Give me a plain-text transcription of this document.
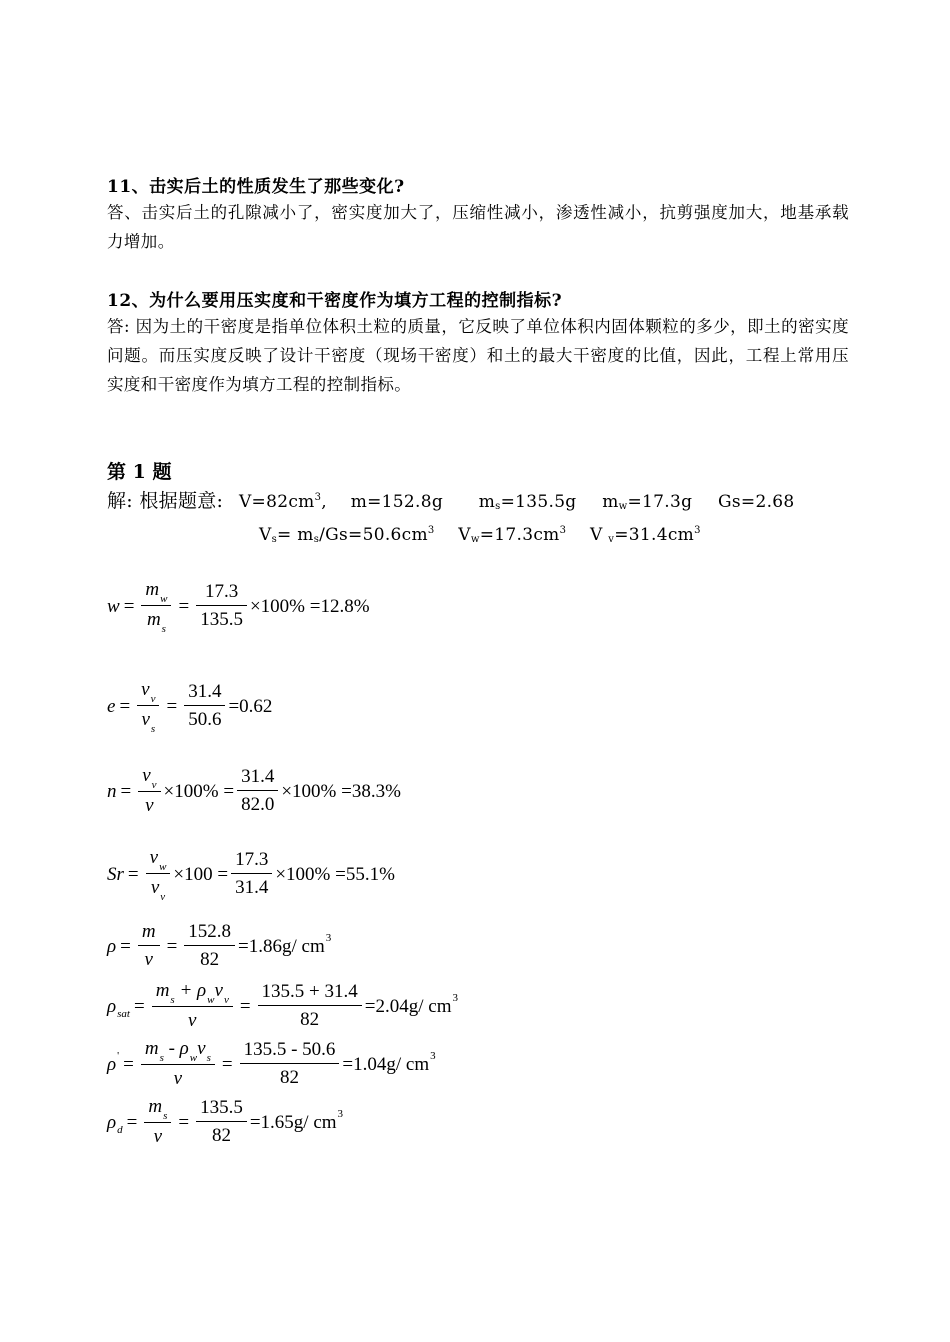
11、击实后土的性质发生了那些变化?
答、击实后土的孔隙减小了，密实度加大了，压缩性减小，渗透性减小，抗剪强度加大，地基承载力增加。
12、为什么要用压实度和干密度作为填方工程的控制指标?
答: 因为土的干密度是指单位体积土粒的质量，它反映了单位体积内固体颗粒的多少，即土的密实度问题。而压实度反映了设计干密度（现场干密度）和土的最大干密度的比值，因此，工程上常用压实度和干密度作为填方工程的控制指标。
第 1 题
解: 根据题意: $V=82cm^3$, m=152.8g $m_s=135.5g$ $m_w=17.3g$ Gs=2.68
$V_s= m_s/Gs=50.6cm^3$ $V_w=17.3cm^3$ V $_v=31.4cm^3$
$w = \frac{m_w}{m_s} = \frac{17.3}{135.5} \times 100\% =12.8\%$
$e = \frac{v_v}{v_s} = \frac{31.4}{50.6} =0.62$
$n = \frac{v_v}{v} \times 100\% = \frac{31.4}{82.0} \times 100\% =38.3\%$
$Sr = \frac{v_w}{v_v} \times 100 = \frac{17.3}{31.4} \times 100\% =55.1\%$
$\rho = \frac{m}{v} = \frac{152.8}{82} =1.86g/$ cm 3
ρ sat = $\frac{m_s + \rho_wv_v}{v} = \frac{135.5 + 31.4}{82} =2.04g/$ cm 3
ρ ' = $\frac{m_s - \rho_wv_s}{v} = \frac{135.5 - 50.6}{82} =1.04g/$ cm 3
ρ $d = \frac{m_s}{v} = \frac{135.5}{82} =1.65g/$ cm 3
